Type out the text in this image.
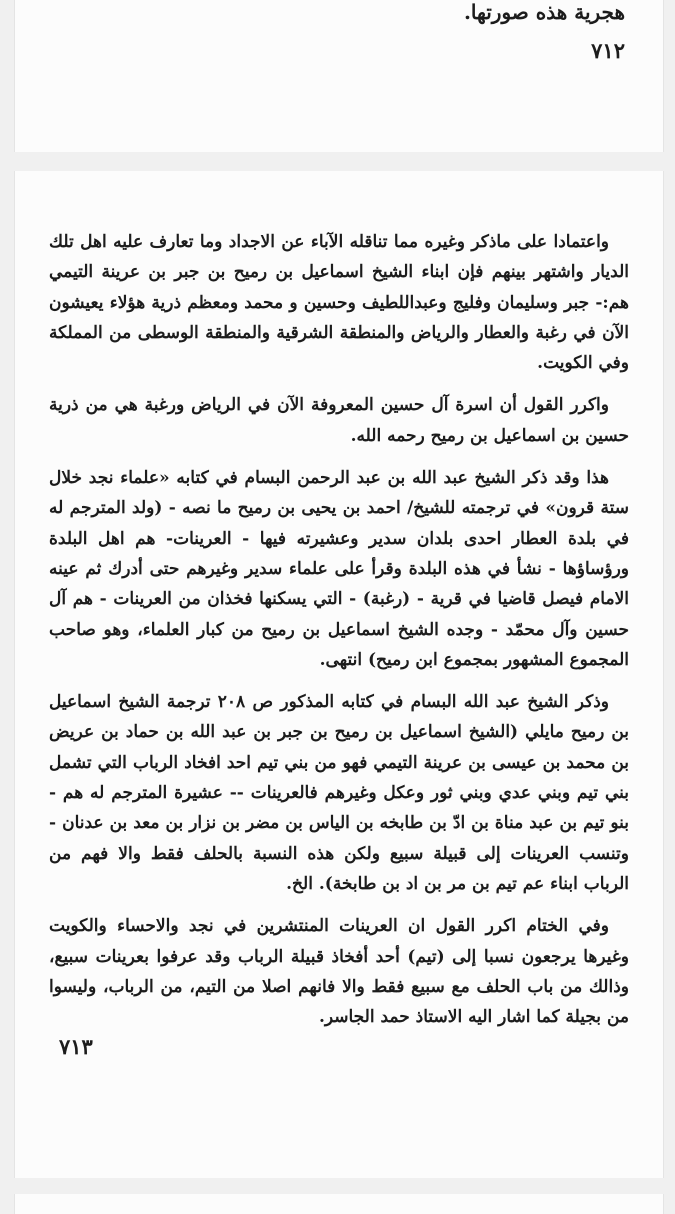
هجرية هذه صورتها.
٧١٢

واعتمادا على ماذكر وغيره مما تناقله الآباء عن الاجداد وما تعارف عليه اهل تلك الديار واشتهر بينهم فإن ابناء الشيخ اسماعيل بن رميح بن جبر بن عرينة التيمي هم:- جبر وسليمان وفليج وعبداللطيف وحسين و محمد ومعظم ذرية هؤلاء يعيشون الآن في رغبة والعطار والرياض والمنطقة الشرقية والمنطقة الوسطى من المملكة وفي الكويت.

واكرر القول أن اسرة آل حسين المعروفة الآن في الرياض ورغبة هي من ذرية حسين بن اسماعيل بن رميح رحمه الله.

هذا وقد ذكر الشيخ عبد الله بن عبد الرحمن البسام في كتابه «علماء نجد خلال ستة قرون» في ترجمته للشيخ/ احمد بن يحيى بن رميح ما نصه - (ولد المترجم له في بلدة العطار احدى بلدان سدير وعشيرته فيها - العرينات- هم اهل البلدة ورؤساؤها - نشأ في هذه البلدة وقرأ على علماء سدير وغيرهم حتى أدرك ثم عينه الامام فيصل قاضيا في قرية - (رغبة) - التي يسكنها فخذان من العرينات - هم آل حسين وآل محمّد - وجده الشيخ اسماعيل بن رميح من كبار العلماء، وهو صاحب المجموع المشهور بمجموع ابن رميح) انتهى.

وذكر الشيخ عبد الله البسام في كتابه المذكور ص ٢٠٨ ترجمة الشيخ اسماعيل بن رميح مايلي (الشيخ اسماعيل بن رميح بن جبر بن عبد الله بن حماد بن عريض بن محمد بن عيسى بن عرينة التيمي فهو من بني تيم احد افخاد الرباب التي تشمل بني تيم وبني عدي وبني ثور وعكل وغيرهم فالعرينات -- عشيرة المترجم له هم - بنو تيم بن عبد مناة بن ادّ بن طابخه بن الياس بن مضر بن نزار بن معد بن عدنان - وتنسب العرينات إلى قبيلة سبيع ولكن هذه النسبة بالحلف فقط والا فهم من الرباب ابناء عم تيم بن مر بن اد بن طابخة). الخ.

وفي الختام اكرر القول ان العرينات المنتشرين في نجد والاحساء والكويت وغيرها يرجعون نسبا إلى (تيم) أحد أفخاذ قبيلة الرباب وقد عرفوا بعرينات سبيع، وذالك من باب الحلف مع سبيع فقط والا فانهم اصلا من التيم، من الرباب، وليسوا من بجيلة كما اشار اليه الاستاذ حمد الجاسر.

٧١٣
